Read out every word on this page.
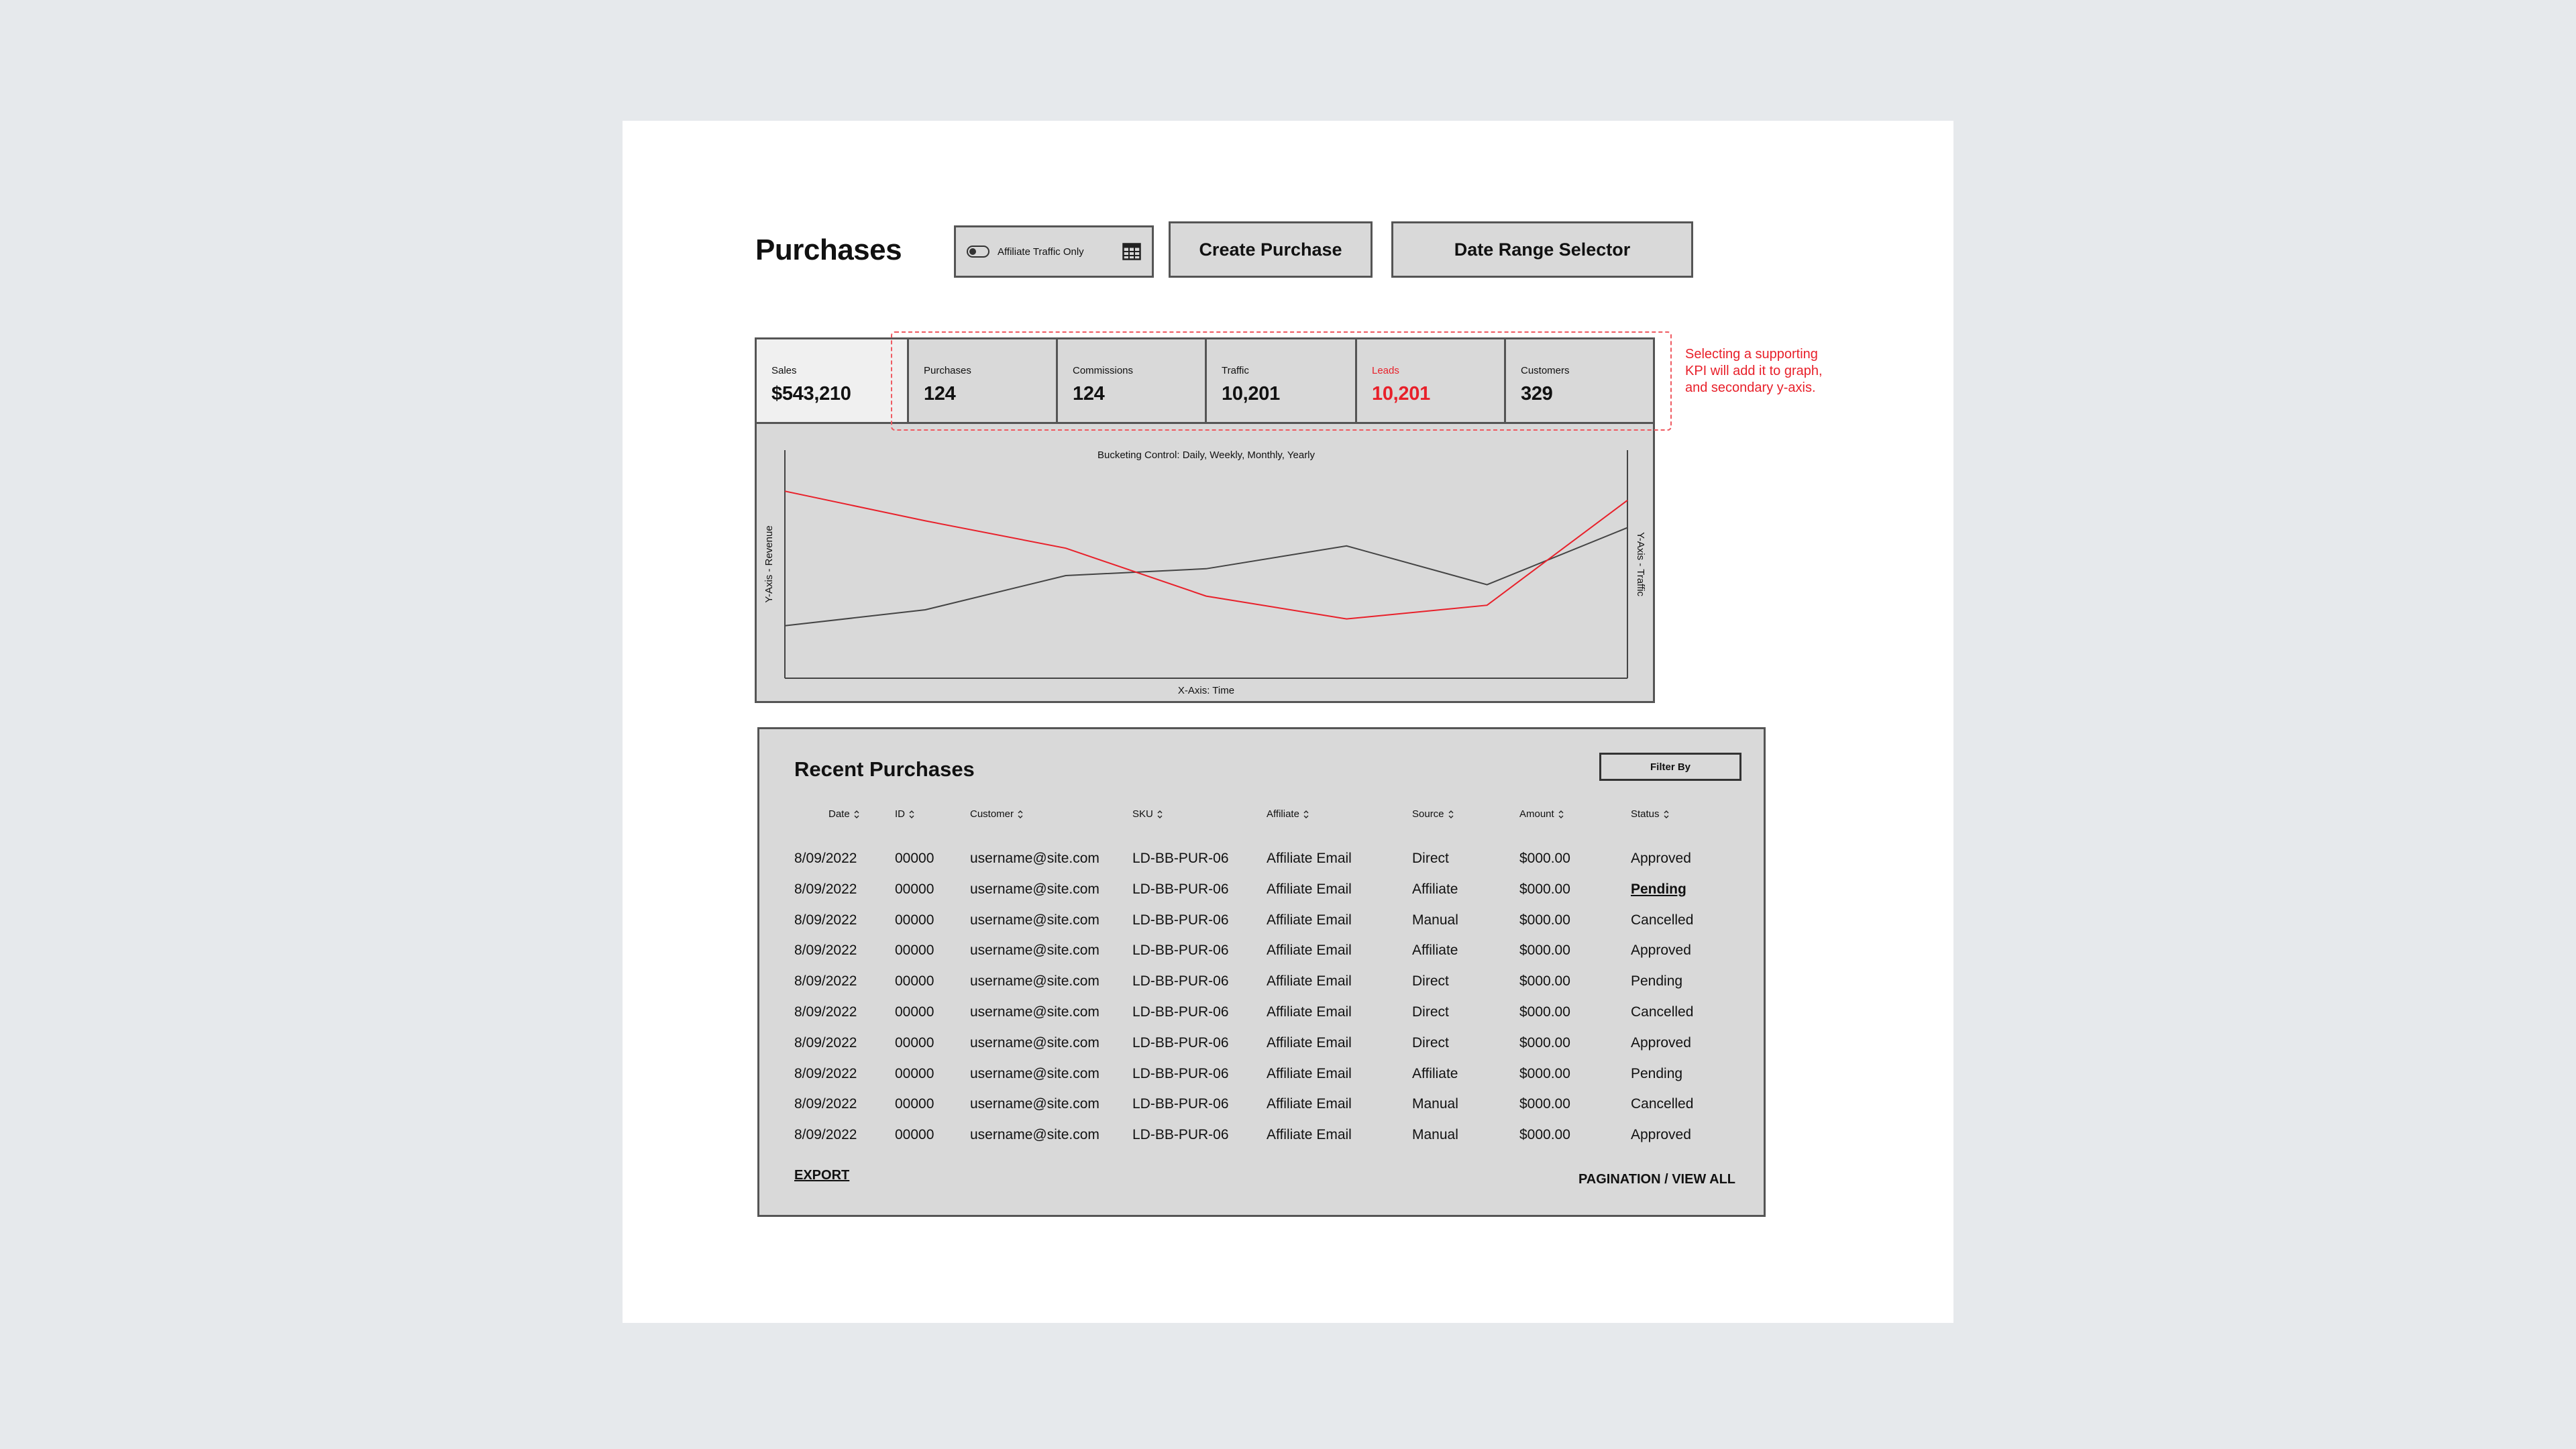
Purchases	Affiliate Traffic Only	Create Purchase	Date Range Selector
Sales
$543,210
Purchases
124
Commissions
124
Traffic
10,201
Leads
10,201
Customers
329
Bucketing Control: Daily, Weekly, Monthly, Yearly
X-Axis: Time
Y-Axis - Revenue	Y-Axis - Traffic
Selecting a supporting KPI will add it to graph, and secondary y-axis.
Recent Purchases	Filter By
EXPORT	PAGINATION / VIEW ALL
Date	ID	Customer	SKU	Affiliate	Source	Amount	Status
8/09/2022	00000	username@site.com LD-BB-PUR-06	Affiliate Email	Direct	$000.00	Approved
8/09/2022	00000	username@site.com LD-BB-PUR-06	Affiliate Email	Affiliate	$000.00	Pending
8/09/2022	00000	username@site.com LD-BB-PUR-06	Affiliate Email	Manual	$000.00	Cancelled
8/09/2022	00000	username@site.com LD-BB-PUR-06	Affiliate Email	Affiliate	$000.00	Approved
8/09/2022	00000	username@site.com LD-BB-PUR-06	Affiliate Email	Direct	$000.00	Pending
8/09/2022	00000	username@site.com LD-BB-PUR-06	Affiliate Email	Direct	$000.00	Cancelled
8/09/2022	00000	username@site.com LD-BB-PUR-06	Affiliate Email	Direct	$000.00	Approved
8/09/2022	00000	username@site.com LD-BB-PUR-06	Affiliate Email	Affiliate	$000.00	Pending
8/09/2022	00000	username@site.com LD-BB-PUR-06	Affiliate Email	Manual	$000.00	Cancelled
8/09/2022	00000	username@site.com LD-BB-PUR-06	Affiliate Email	Manual	$000.00	Approved
